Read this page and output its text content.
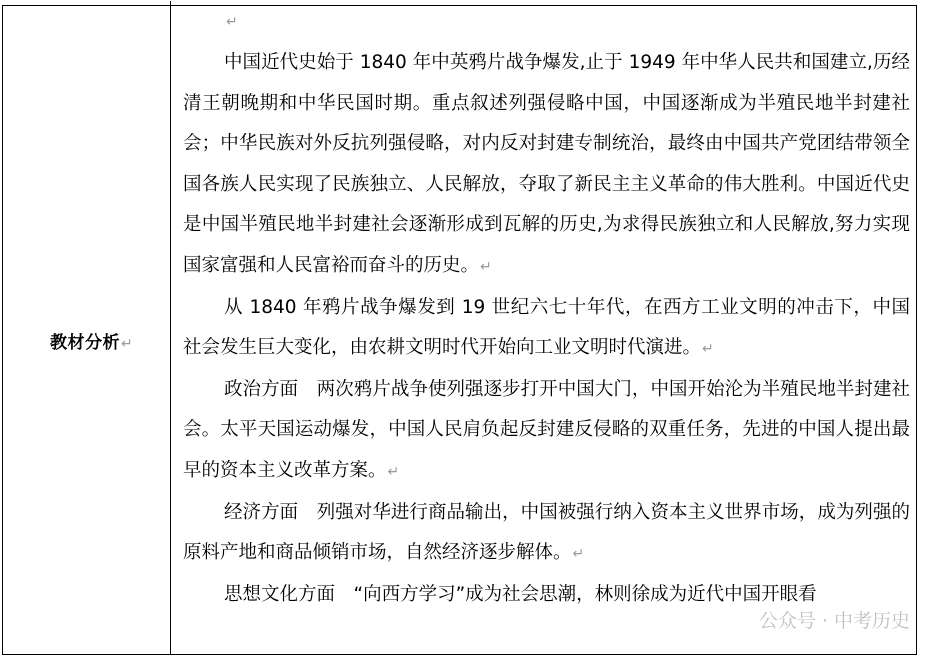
教材分析↵
↵

中国近代史始于 1840 年中英鸦片战争爆发,止于 1949 年中华人民共和国建立,历经清王朝晚期和中华民国时期。重点叙述列强侵略中国，中国逐渐成为半殖民地半封建社会；中华民族对外反抗列强侵略，对内反对封建专制统治，最终由中国共产党团结带领全国各族人民实现了民族独立、人民解放，夺取了新民主主义革命的伟大胜利。中国近代史是中国半殖民地半封建社会逐渐形成到瓦解的历史,为求得民族独立和人民解放,努力实现国家富强和人民富裕而奋斗的历史。↵

从 1840 年鸦片战争爆发到 19 世纪六七十年代，在西方工业文明的冲击下，中国社会发生巨大变化，由农耕文明时代开始向工业文明时代演进。↵

政治方面　两次鸦片战争使列强逐步打开中国大门，中国开始沦为半殖民地半封建社会。太平天国运动爆发，中国人民肩负起反封建反侵略的双重任务，先进的中国人提出最早的资本主义改革方案。↵

经济方面　列强对华进行商品输出，中国被强行纳入资本主义世界市场，成为列强的原料产地和商品倾销市场，自然经济逐步解体。↵

思想文化方面　“向西方学习”成为社会思潮，林则徐成为近代中国开眼看

公众号 · 中考历史
